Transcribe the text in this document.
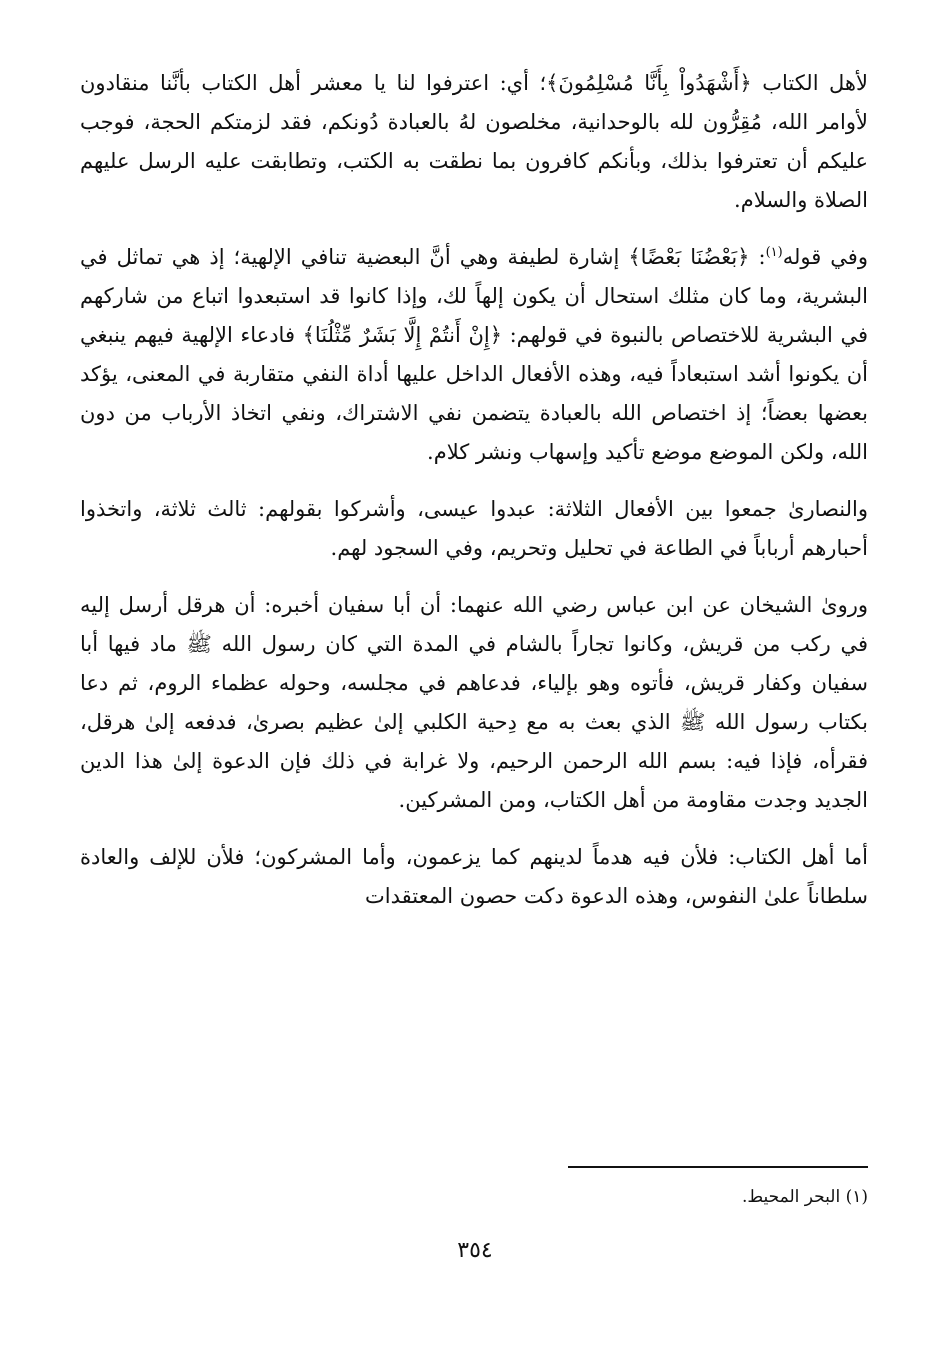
لأهل الكتاب ﴿أَشْهَدُواْ بِأَنَّا مُسْلِمُونَ﴾؛ أي: اعترفوا لنا يا معشر أهل الكتاب بأنَّنا منقادون لأوامر الله، مُقِرُّون لله بالوحدانية، مخلصون لهُ بالعبادة دُونكم، فقد لزمتكم الحجة، فوجب عليكم أن تعترفوا بذلك، وبأنكم كافرون بما نطقت به الكتب، وتطابقت عليه الرسل عليهم الصلاة والسلام.

وفي قوله$^{(١)}$: ﴿بَعْضُنَا بَعْضًا﴾ إشارة لطيفة وهي أنَّ البعضية تنافي الإلهية؛ إذ هي تماثل في البشرية، وما كان مثلك استحال أن يكون إلهاً لك، وإذا كانوا قد استبعدوا اتباع من شاركهم في البشرية للاختصاص بالنبوة في قولهم: ﴿إِنْ أَنتُمْ إِلَّا بَشَرٌ مِّثْلُنَا﴾ فادعاء الإلهية فيهم ينبغي أن يكونوا أشد استبعاداً فيه، وهذه الأفعال الداخل عليها أداة النفي متقاربة في المعنى، يؤكد بعضها بعضاً؛ إذ اختصاص الله بالعبادة يتضمن نفي الاشتراك، ونفي اتخاذ الأرباب من دون الله، ولكن الموضع موضع تأكيد وإسهاب ونشر كلام.

والنصارىٰ جمعوا بين الأفعال الثلاثة: عبدوا عيسى، وأشركوا بقولهم: ثالث ثلاثة، واتخذوا أحبارهم أرباباً في الطاعة في تحليل وتحريم، وفي السجود لهم.

ورویٰ الشيخان عن ابن عباس رضي الله عنهما: أن أبا سفيان أخبره: أن هرقل أرسل إليه في ركب من قريش، وكانوا تجاراً بالشام في المدة التي كان رسول الله ﷺ ماد فيها أبا سفيان وكفار قريش، فأتوه وهو بإلياء، فدعاهم في مجلسه، وحوله عظماء الروم، ثم دعا بكتاب رسول الله ﷺ الذي بعث به مع دِحية الكلبي إلىٰ عظيم بصرىٰ، فدفعه إلىٰ هرقل، فقرأه، فإذا فيه: بسم الله الرحمن الرحيم، ولا غرابة في ذلك فإن الدعوة إلىٰ هذا الدين الجديد وجدت مقاومة من أهل الكتاب، ومن المشركين.

أما أهل الكتاب: فلأن فيه هدماً لدينهم كما يزعمون، وأما المشركون؛ فلأن للإلف والعادة سلطاناً علىٰ النفوس، وهذه الدعوة دكت حصون المعتقدات

(١) البحر المحيط.
٣٥٤
